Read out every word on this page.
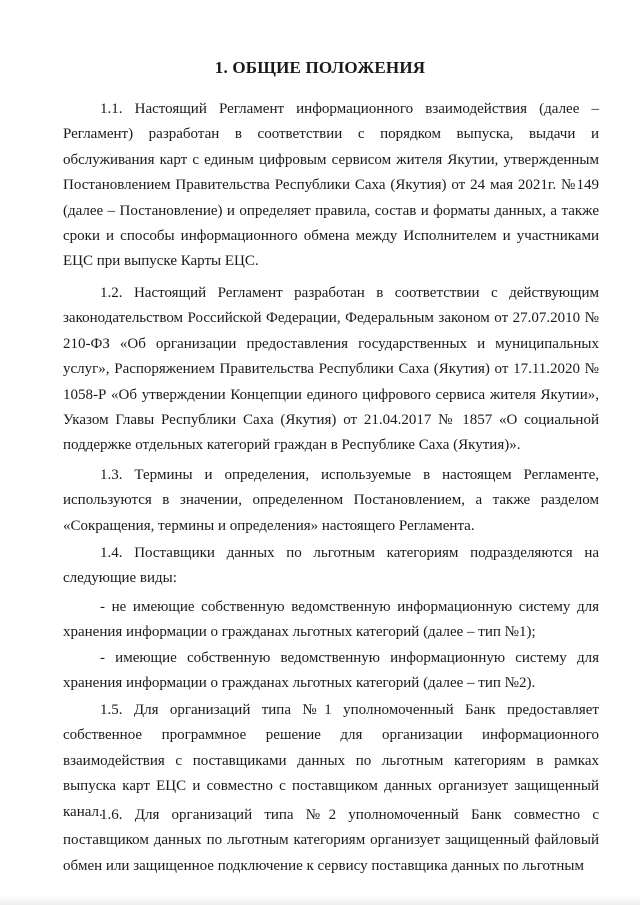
1. ОБЩИЕ ПОЛОЖЕНИЯ

1.1. Настоящий Регламент информационного взаимодействия (далее – Регламент) разработан в соответствии с порядком выпуска, выдачи и обслуживания карт с единым цифровым сервисом жителя Якутии, утвержденным Постановлением Правительства Республики Саха (Якутия) от 24 мая 2021г. №149 (далее – Постановление) и определяет правила, состав и форматы данных, а также сроки и способы информационного обмена между Исполнителем и участниками ЕЦС при выпуске Карты ЕЦС.

1.2. Настоящий Регламент разработан в соответствии с действующим законодательством Российской Федерации, Федеральным законом от 27.07.2010 № 210-ФЗ «Об организации предоставления государственных и муниципальных услуг», Распоряжением Правительства Республики Саха (Якутия) от 17.11.2020 № 1058-Р «Об утверждении Концепции единого цифрового сервиса жителя Якутии», Указом Главы Республики Саха (Якутия) от 21.04.2017 № 1857 «О социальной поддержке отдельных категорий граждан в Республике Саха (Якутия)».

1.3. Термины и определения, используемые в настоящем Регламенте, используются в значении, определенном Постановлением, а также разделом «Сокращения, термины и определения» настоящего Регламента.

1.4. Поставщики данных по льготным категориям подразделяются на следующие виды:

- не имеющие собственную ведомственную информационную систему для хранения информации о гражданах льготных категорий (далее – тип №1);

- имеющие собственную ведомственную информационную систему для хранения информации о гражданах льготных категорий (далее – тип №2).

1.5. Для организаций типа №1 уполномоченный Банк предоставляет собственное программное решение для организации информационного взаимодействия с поставщиками данных по льготным категориям в рамках выпуска карт ЕЦС и совместно с поставщиком данных организует защищенный канал.

1.6. Для организаций типа №2 уполномоченный Банк совместно с поставщиком данных по льготным категориям организует защищенный файловый обмен или защищенное подключение к сервису поставщика данных по льготным
